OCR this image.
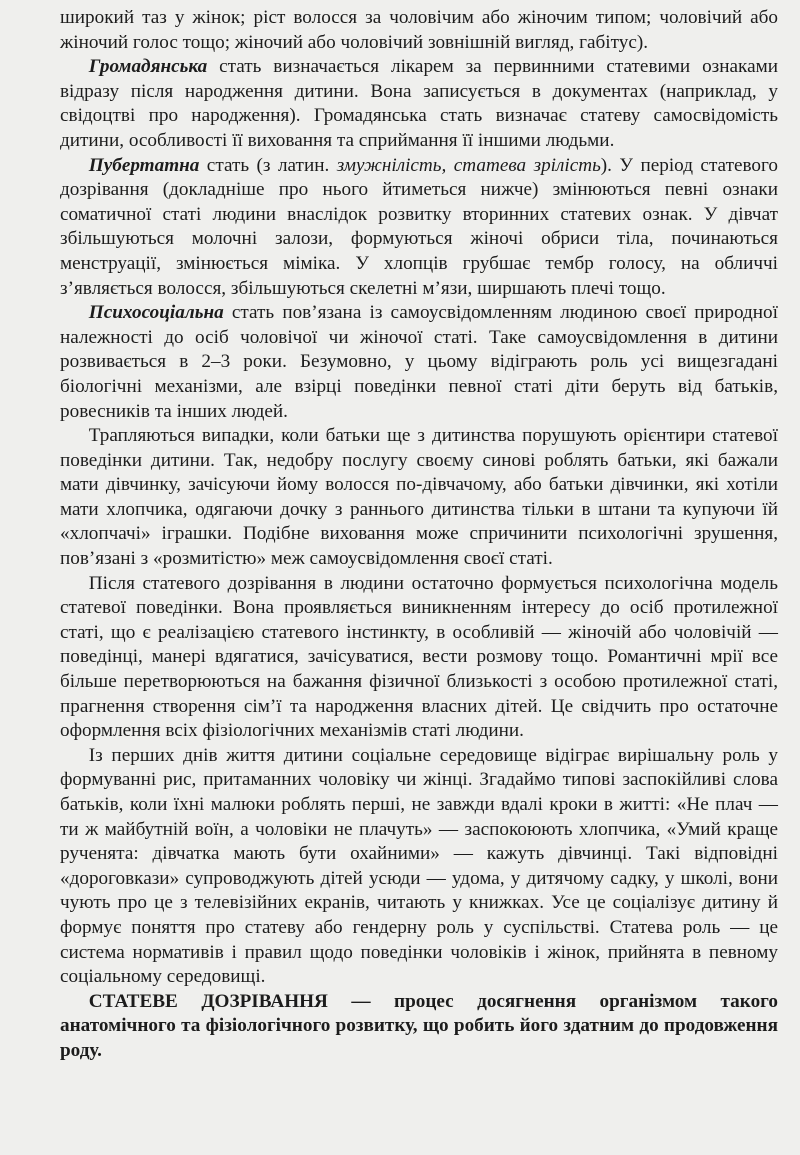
широкий таз у жінок; ріст волосся за чоловічим або жіночим типом; чоловічий або жіночий голос тощо; жіночий або чоловічий зовнішній вигляд, габітус).

Громадянська стать визначається лікарем за первинними статевими ознаками відразу після народження дитини. Вона записується в документах (наприклад, у свідоцтві про народження). Громадянська стать визначає статеву самосвідомість дитини, особливості її виховання та сприймання її іншими людьми.

Пубертатна стать (з латин. змужнілість, статева зрілість). У період статевого дозрівання (докладніше про нього йтиметься нижче) змінюються певні ознаки соматичної статі людини внаслідок розвитку вторинних статевих ознак. У дівчат збільшуються молочні залози, формуються жіночі обриси тіла, починаються менструації, змінюється міміка. У хлопців грубшає тембр голосу, на обличчі з’являється волосся, збільшуються скелетні м’язи, ширшають плечі тощо.

Психосоціальна стать пов’язана із самоусвідомленням людиною своєї природної належності до осіб чоловічої чи жіночої статі. Таке самоусвідомлення в дитини розвивається в 2–3 роки. Безумовно, у цьому відіграють роль усі вищезгадані біологічні механізми, але взірці поведінки певної статі діти беруть від батьків, ровесників та інших людей.

Трапляються випадки, коли батьки ще з дитинства порушують орієнтири статевої поведінки дитини. Так, недобру послугу своєму синові роблять батьки, які бажали мати дівчинку, зачісуючи йому волосся по-дівчачому, або батьки дівчинки, які хотіли мати хлопчика, одягаючи дочку з раннього дитинства тільки в штани та купуючи їй «хлопчачі» іграшки. Подібне виховання може спричинити психологічні зрушення, пов’язані з «розмитістю» меж самоусвідомлення своєї статі.

Після статевого дозрівання в людини остаточно формується психологічна модель статевої поведінки. Вона проявляється виникненням інтересу до осіб протилежної статі, що є реалізацією статевого інстинкту, в особливій — жіночій або чоловічій — поведінці, манері вдягатися, зачісуватися, вести розмову тощо. Романтичні мрії все більше перетворюються на бажання фізичної близькості з особою протилежної статі, прагнення створення сім’ї та народження власних дітей. Це свідчить про остаточне оформлення всіх фізіологічних механізмів статі людини.

Із перших днів життя дитини соціальне середовище відіграє вирішальну роль у формуванні рис, притаманних чоловіку чи жінці. Згадаймо типові заспокійливі слова батьків, коли їхні малюки роблять перші, не завжди вдалі кроки в житті: «Не плач — ти ж майбутній воїн, а чоловіки не плачуть» — заспокоюють хлопчика, «Умий краще рученята: дівчатка мають бути охайними» — кажуть дівчинці. Такі відповідні «дороговкази» супроводжують дітей усюди — удома, у дитячому садку, у школі, вони чують про це з телевізійних екранів, читають у книжках. Усе це соціалізує дитину й формує поняття про статеву або гендерну роль у суспільстві. Статева роль — це система нормативів і правил щодо поведінки чоловіків і жінок, прийнята в певному соціальному середовищі.

СТАТЕВЕ ДОЗРІВАННЯ — процес досягнення організмом такого анатомічного та фізіологічного розвитку, що робить його здатним до продовження роду.
